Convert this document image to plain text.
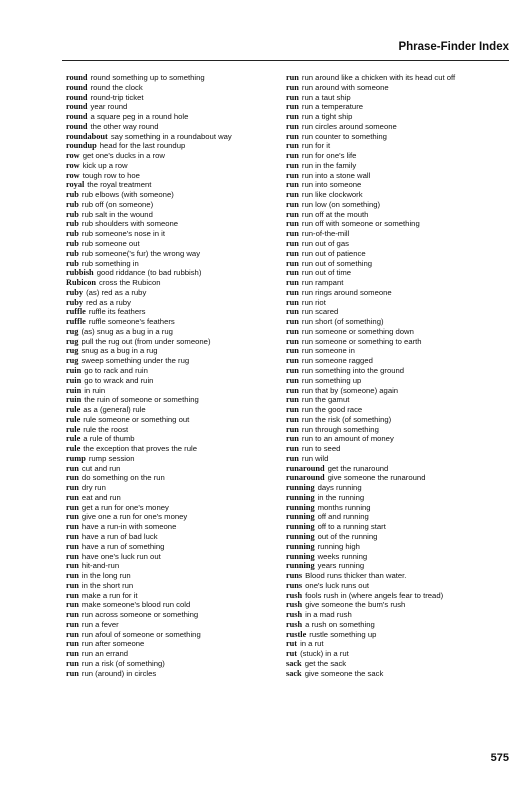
Phrase-Finder Index
round round something up to something
round round the clock
round round-trip ticket
round year round
round a square peg in a round hole
round the other way round
roundabout say something in a roundabout way
roundup head for the last roundup
row get one's ducks in a row
row kick up a row
row tough row to hoe
royal the royal treatment
rub rub elbows (with someone)
rub rub off (on someone)
rub rub salt in the wound
rub rub shoulders with someone
rub rub someone's nose in it
rub rub someone out
rub rub someone('s fur) the wrong way
rub rub something in
rubbish good riddance (to bad rubbish)
Rubicon cross the Rubicon
ruby (as) red as a ruby
ruby red as a ruby
ruffle ruffle its feathers
ruffle ruffle someone's feathers
rug (as) snug as a bug in a rug
rug pull the rug out (from under someone)
rug snug as a bug in a rug
rug sweep something under the rug
ruin go to rack and ruin
ruin go to wrack and ruin
ruin in ruin
ruin the ruin of someone or something
rule as a (general) rule
rule rule someone or something out
rule rule the roost
rule a rule of thumb
rule the exception that proves the rule
rump rump session
run cut and run
run do something on the run
run dry run
run eat and run
run get a run for one's money
run give one a run for one's money
run have a run-in with someone
run have a run of bad luck
run have a run of something
run have one's luck run out
run hit-and-run
run in the long run
run in the short run
run make a run for it
run make someone's blood run cold
run run across someone or something
run run a fever
run run afoul of someone or something
run run after someone
run run an errand
run run a risk (of something)
run run (around) in circles
run run around like a chicken with its head cut off
run run around with someone
run run a taut ship
run run a temperature
run run a tight ship
run run circles around someone
run run counter to something
run run for it
run run for one's life
run run in the family
run run into a stone wall
run run into someone
run run like clockwork
run run low (on something)
run run off at the mouth
run run off with someone or something
run run-of-the-mill
run run out of gas
run run out of patience
run run out of something
run run out of time
run run rampant
run run rings around someone
run run riot
run run scared
run run short (of something)
run run someone or something down
run run someone or something to earth
run run someone in
run run someone ragged
run run something into the ground
run run something up
run run that by (someone) again
run run the gamut
run run the good race
run run the risk (of something)
run run through something
run run to an amount of money
run run to seed
run run wild
runaround get the runaround
runaround give someone the runaround
running days running
running in the running
running months running
running off and running
running off to a running start
running out of the running
running running high
running weeks running
running years running
runs Blood runs thicker than water.
runs one's luck runs out
rush fools rush in (where angels fear to tread)
rush give someone the bum's rush
rush in a mad rush
rush a rush on something
rustle rustle something up
rut in a rut
rut (stuck) in a rut
sack get the sack
sack give someone the sack
575
